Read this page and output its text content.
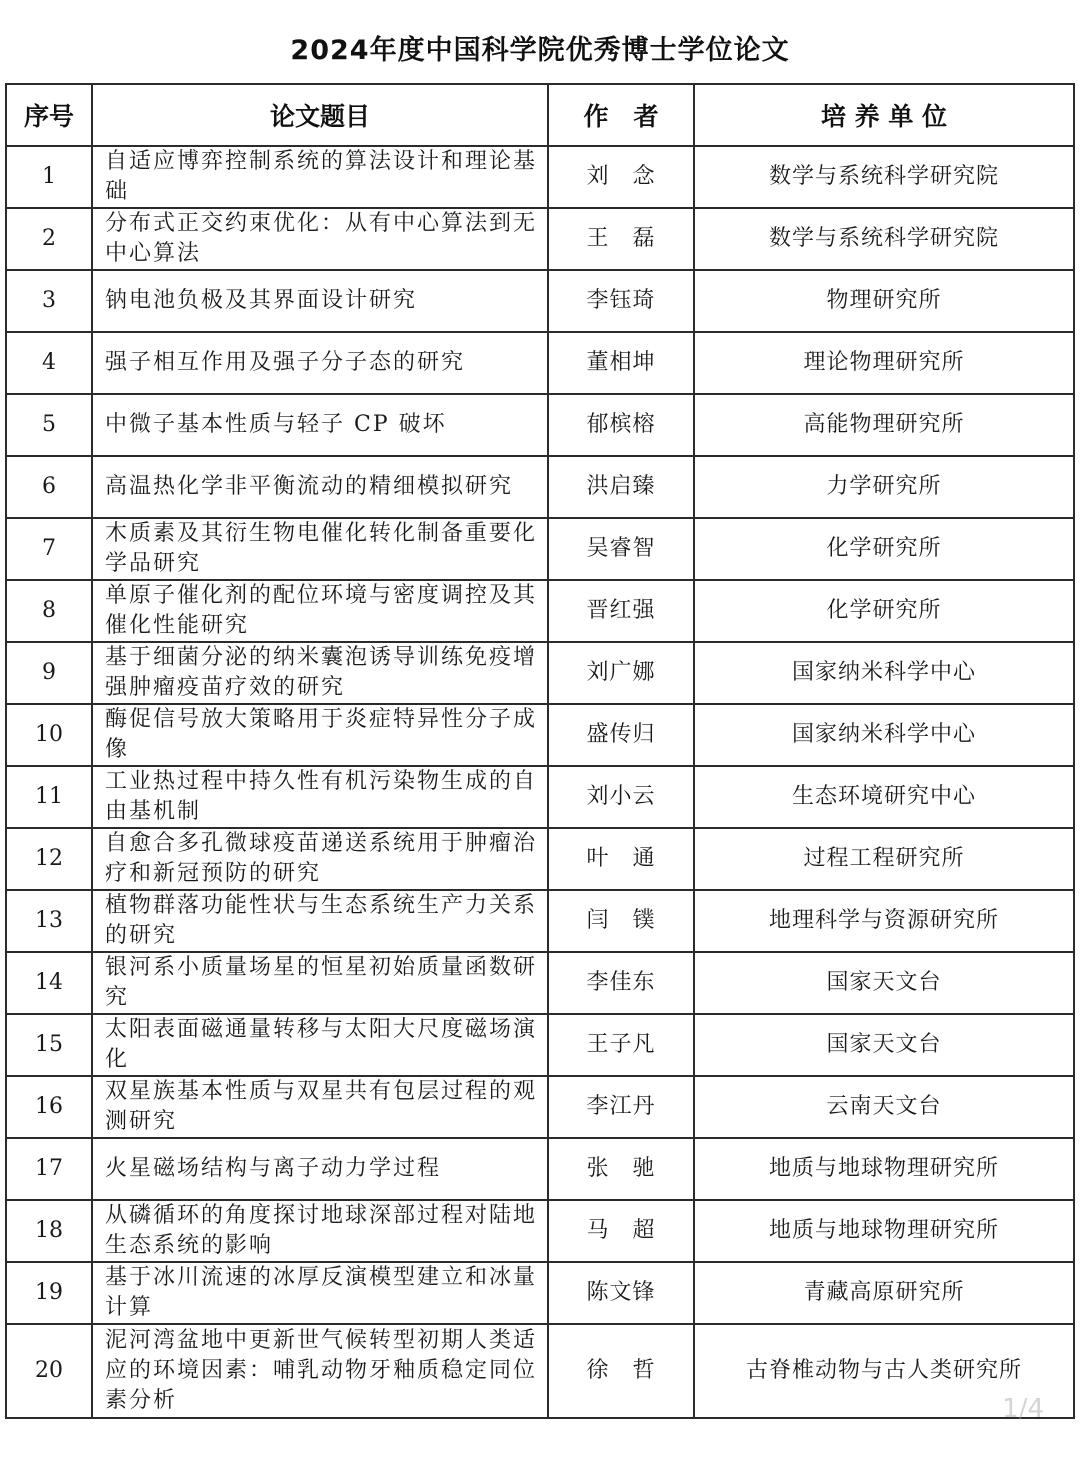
2024年度中国科学院优秀博士学位论文
序号	论文题目	作　者	培 养 单 位
1	自适应博弈控制系统的算法设计和理论基础	刘　念	数学与系统科学研究院
2	分布式正交约束优化：从有中心算法到无中心算法	王　磊	数学与系统科学研究院
3	钠电池负极及其界面设计研究	李钰琦	物理研究所
4	强子相互作用及强子分子态的研究	董相坤	理论物理研究所
5	中微子基本性质与轻子 CP 破坏	郁槟榕	高能物理研究所
6	高温热化学非平衡流动的精细模拟研究	洪启臻	力学研究所
7	木质素及其衍生物电催化转化制备重要化学品研究	吴睿智	化学研究所
8	单原子催化剂的配位环境与密度调控及其催化性能研究	晋红强	化学研究所
9	基于细菌分泌的纳米囊泡诱导训练免疫增强肿瘤疫苗疗效的研究	刘广娜	国家纳米科学中心
10	酶促信号放大策略用于炎症特异性分子成像	盛传归	国家纳米科学中心
11	工业热过程中持久性有机污染物生成的自由基机制	刘小云	生态环境研究中心
12	自愈合多孔微球疫苗递送系统用于肿瘤治疗和新冠预防的研究	叶　通	过程工程研究所
13	植物群落功能性状与生态系统生产力关系的研究	闫　镤	地理科学与资源研究所
14	银河系小质量场星的恒星初始质量函数研究	李佳东	国家天文台
15	太阳表面磁通量转移与太阳大尺度磁场演化	王子凡	国家天文台
16	双星族基本性质与双星共有包层过程的观测研究	李江丹	云南天文台
17	火星磁场结构与离子动力学过程	张　驰	地质与地球物理研究所
18	从磷循环的角度探讨地球深部过程对陆地生态系统的影响	马　超	地质与地球物理研究所
19	基于冰川流速的冰厚反演模型建立和冰量计算	陈文锋	青藏高原研究所
20	泥河湾盆地中更新世气候转型初期人类适应的环境因素：哺乳动物牙釉质稳定同位素分析	徐　哲	古脊椎动物与古人类研究所
1/4
